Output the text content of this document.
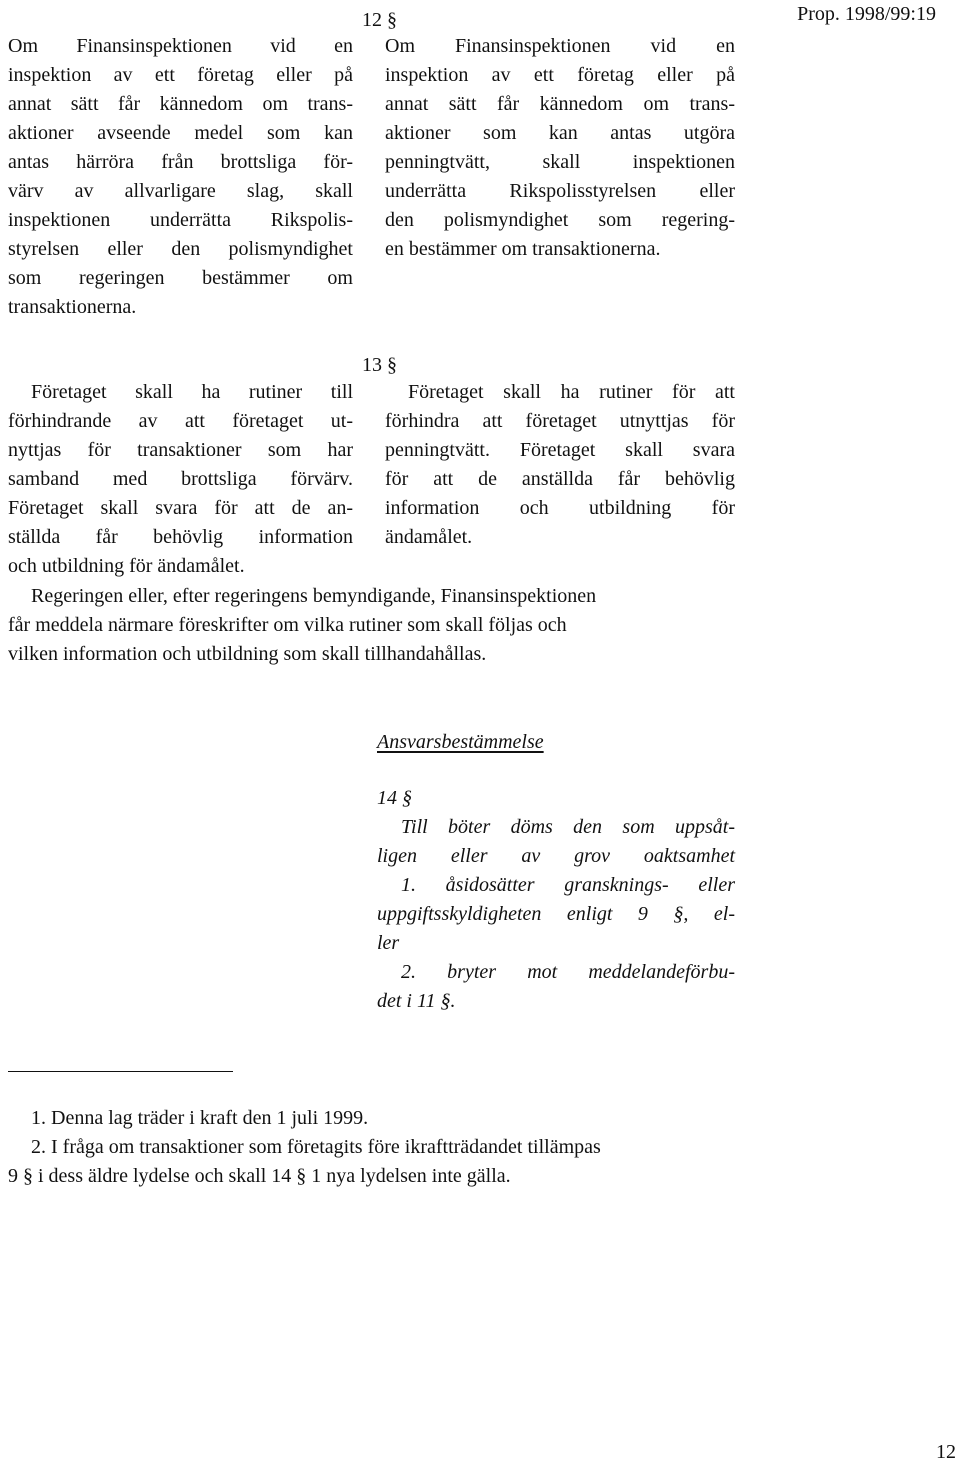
Prop. 1998/99:19
12 §
Om Finansinspektionen vid en
inspektion av ett företag eller på
annat sätt får kännedom om trans-
aktioner avseende medel som kan
antas härröra från brottsliga för-
värv av allvarligare slag, skall
inspektionen underrätta Rikspolis-
styrelsen eller den polismyndighet
som regeringen bestämmer om
transaktionerna.
Om Finansinspektionen vid en
inspektion av ett företag eller på
annat sätt får kännedom om trans-
aktioner som kan antas utgöra
penningtvätt, skall inspektionen
underrätta Rikspolisstyrelsen eller
den polismyndighet som regering-
en bestämmer om transaktionerna.
13 §
Företaget skall ha rutiner till
förhindrande av att företaget ut-
nyttjas för transaktioner som har
samband med brottsliga förvärv.
Företaget skall svara för att de an-
ställda får behövlig information
och utbildning för ändamålet.
Företaget skall ha rutiner för att
förhindra att företaget utnyttjas för
penningtvätt. Företaget skall svara
för att de anställda får behövlig
information och utbildning för
ändamålet.
Regeringen eller, efter regeringens bemyndigande, Finansinspektionen
får meddela närmare föreskrifter om vilka rutiner som skall följas och
vilken information och utbildning som skall tillhandahållas.
Ansvarsbestämmelse
14 §
Till böter döms den som uppsåt-
ligen eller av grov oaktsamhet
1. åsidosätter gransknings- eller
uppgiftsskyldigheten enligt 9 §, el-
ler
2. bryter mot meddelandeförbu-
det i 11 §.
1. Denna lag träder i kraft den 1 juli 1999.
2. I fråga om transaktioner som företagits före ikraftträdandet tillämpas
9 § i dess äldre lydelse och skall 14 § 1 nya lydelsen inte gälla.
12
